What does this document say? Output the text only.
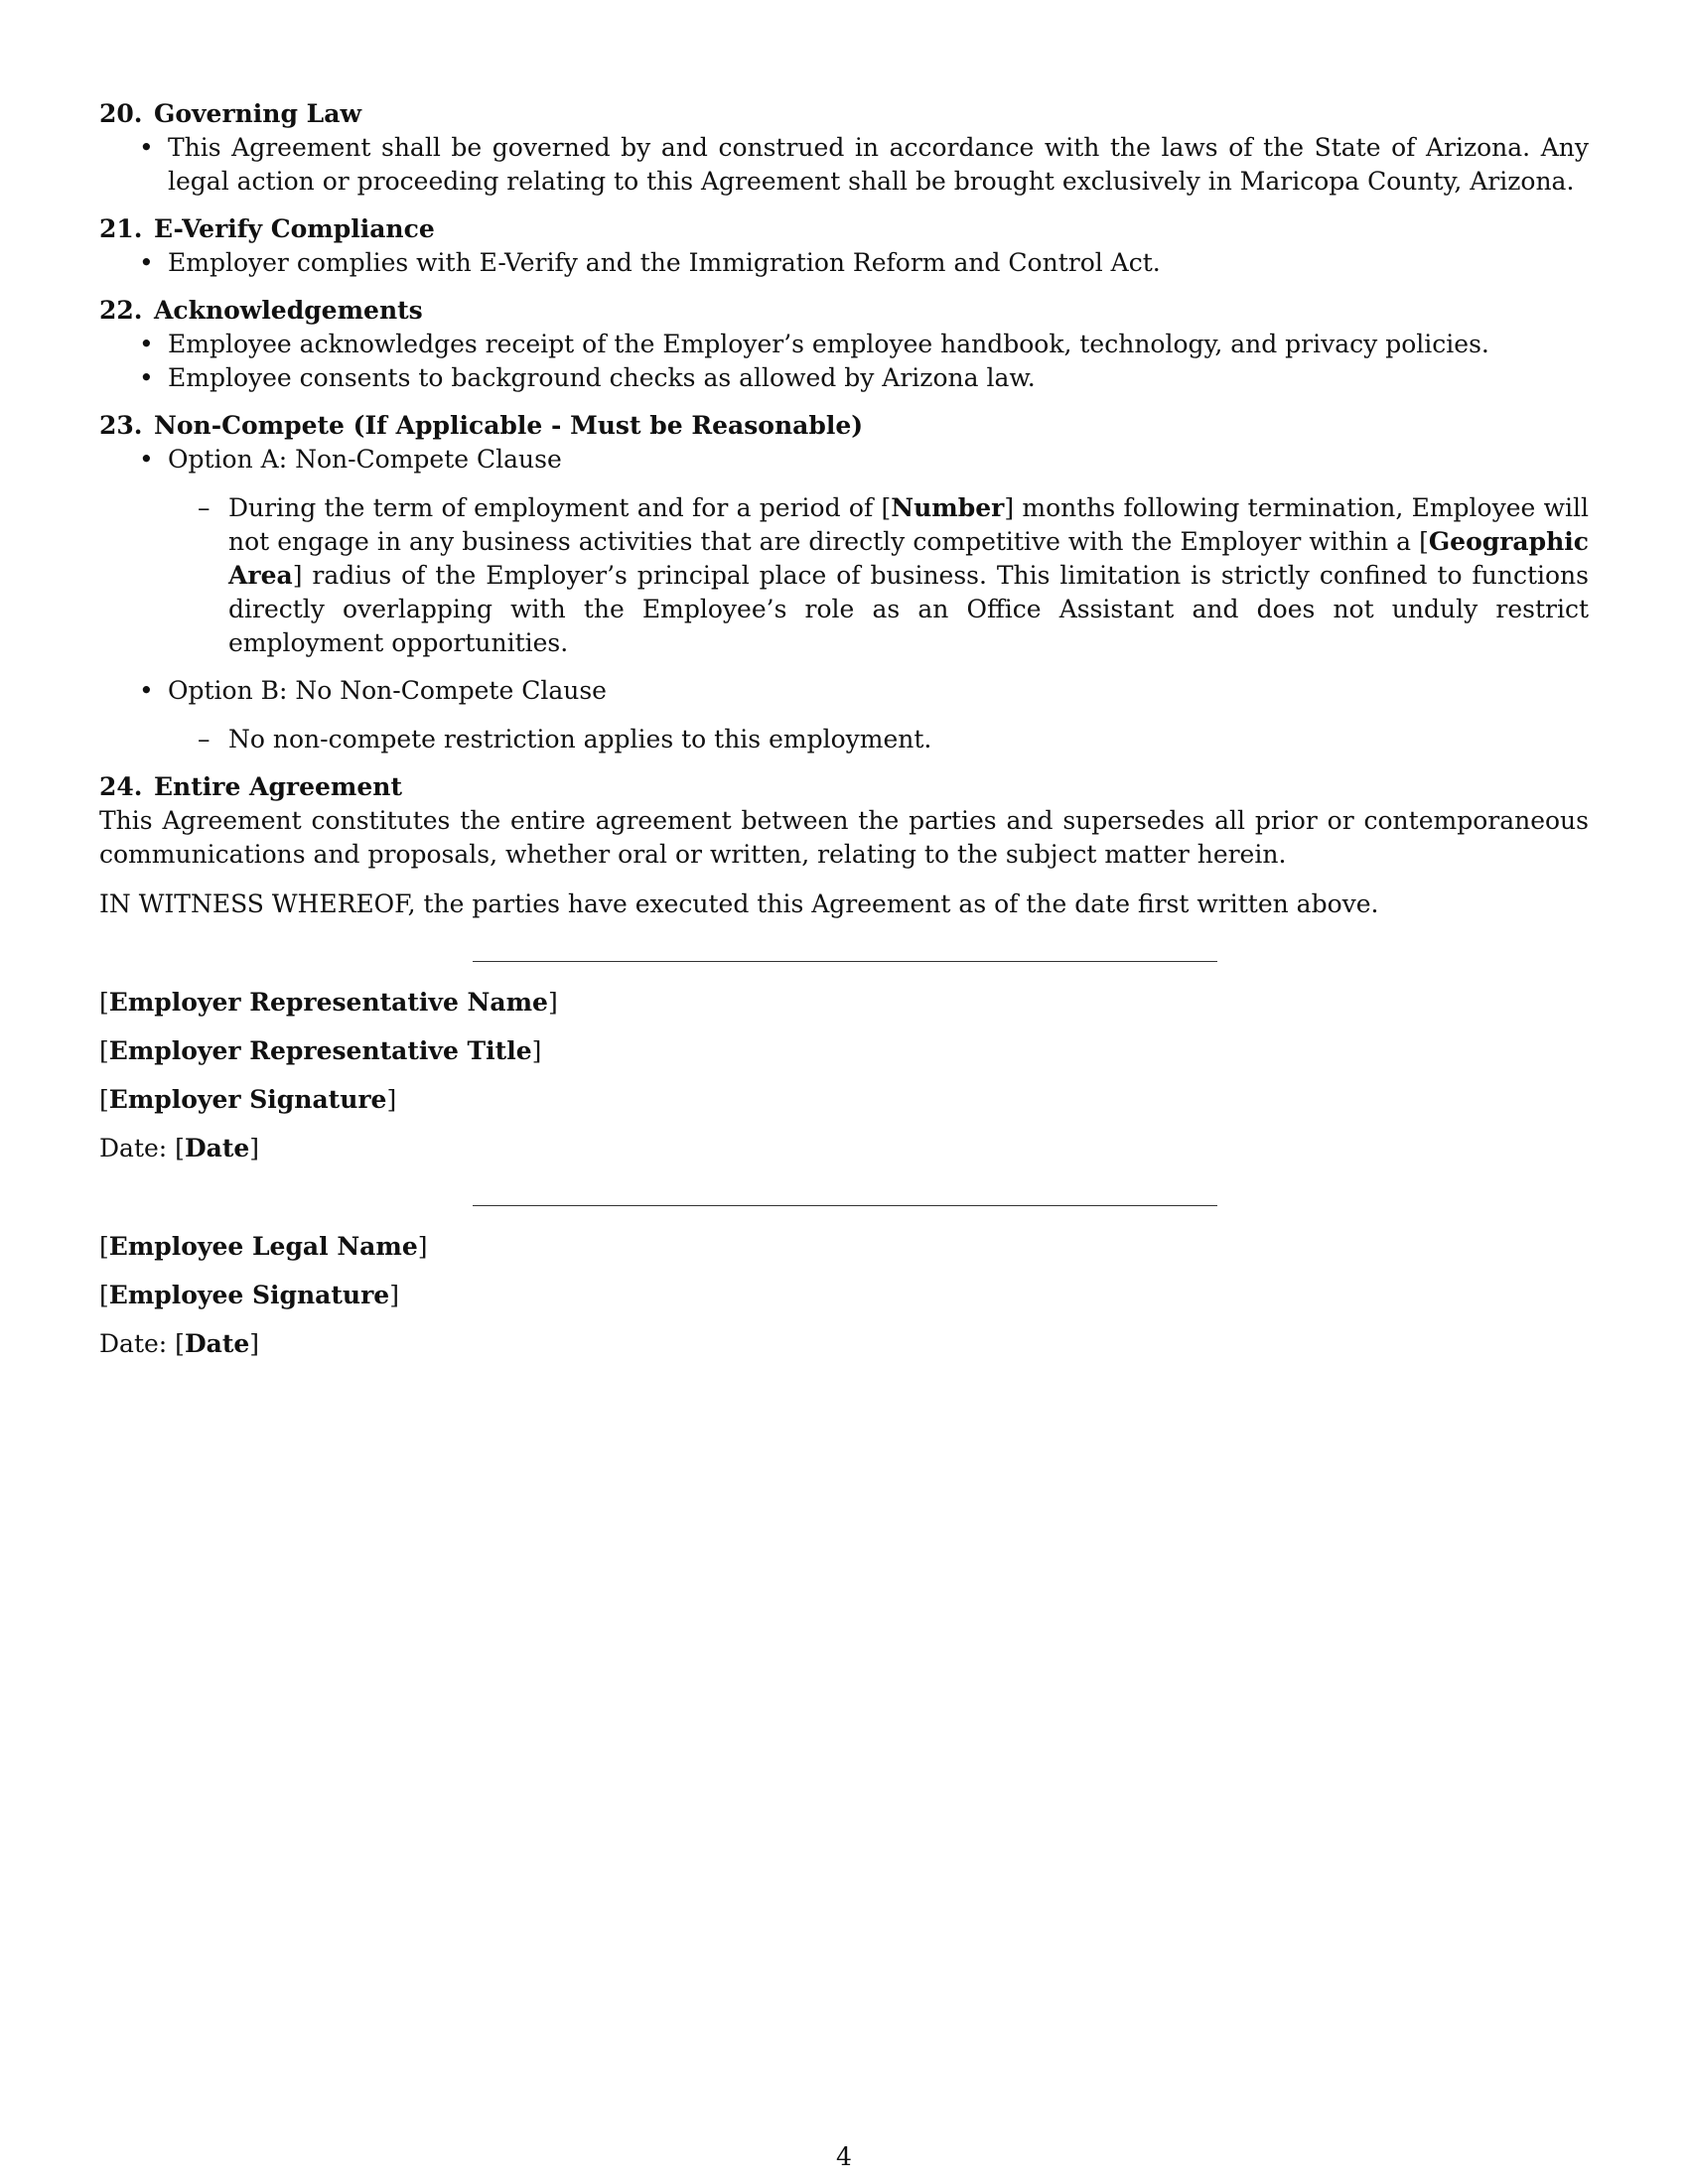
20. Governing Law

• This Agreement shall be governed by and construed in accordance with the laws of the State of Arizona. Any legal action or proceeding relating to this Agreement shall be brought exclusively in Maricopa County, Arizona.

21. E-Verify Compliance

• Employer complies with E-Verify and the Immigration Reform and Control Act.

22. Acknowledgements

• Employee acknowledges receipt of the Employer’s employee handbook, technology, and privacy policies.
• Employee consents to background checks as allowed by Arizona law.

23. Non-Compete (If Applicable - Must be Reasonable)

• Option A: Non-Compete Clause
– During the term of employment and for a period of [Number] months following termination, Employee will not engage in any business activities that are directly competitive with the Employer within a [Geographic Area] radius of the Employer’s principal place of business. This limitation is strictly confined to functions directly overlapping with the Employee’s role as an Office Assistant and does not unduly restrict employment opportunities.
• Option B: No Non-Compete Clause
– No non-compete restriction applies to this employment.

24. Entire Agreement

This Agreement constitutes the entire agreement between the parties and supersedes all prior or contemporaneous communications and proposals, whether oral or written, relating to the subject matter herein.

IN WITNESS WHEREOF, the parties have executed this Agreement as of the date first written above.

[Employer Representative Name]

[Employer Representative Title]

[Employer Signature]

Date: [Date]

[Employee Legal Name]

[Employee Signature]

Date: [Date]

4
